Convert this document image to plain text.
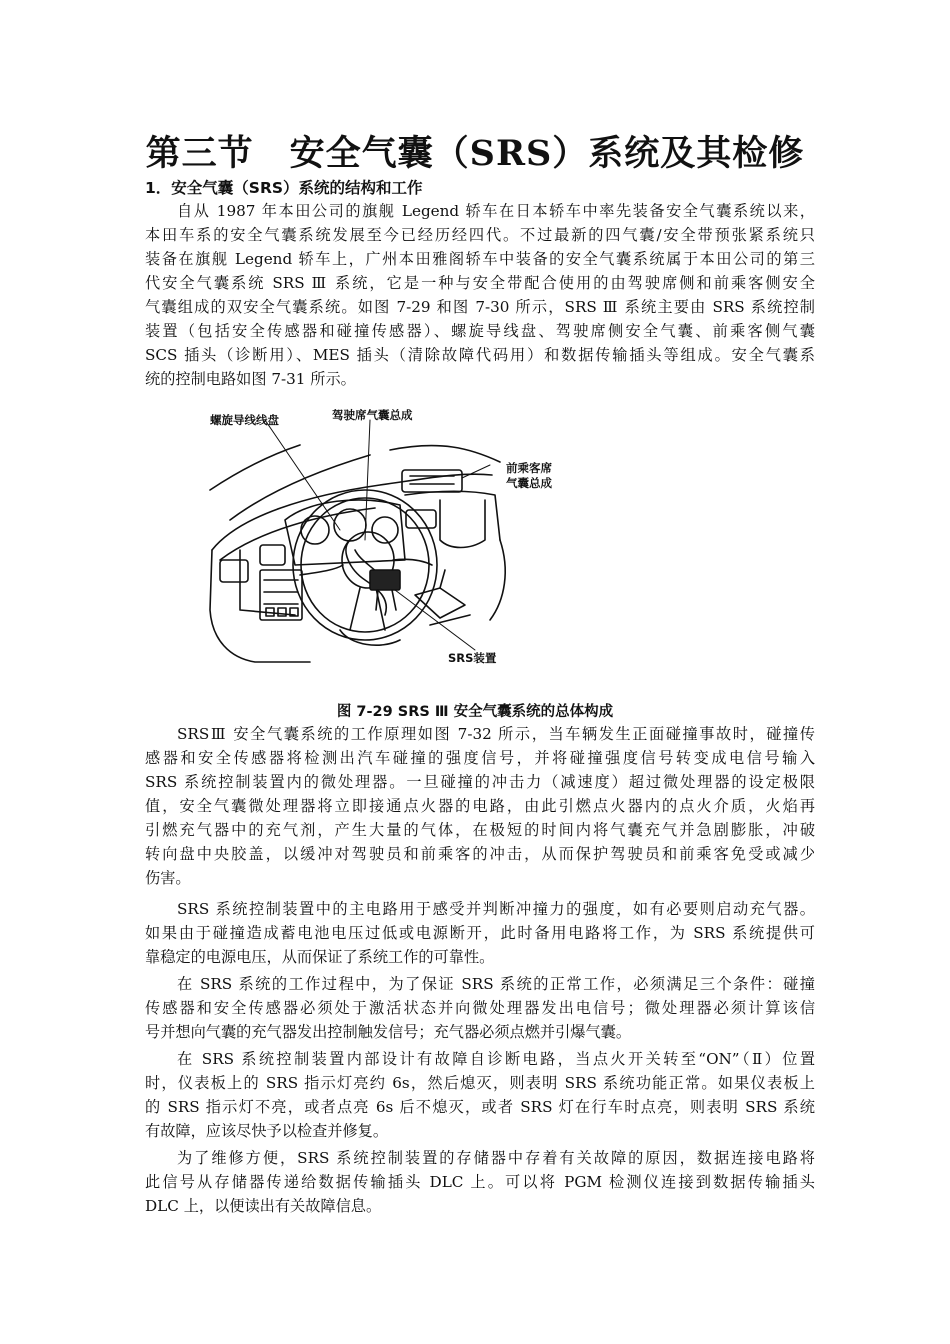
第三节　安全气囊（SRS）系统及其检修
1．安全气囊（SRS）系统的结构和工作
自从 1987 年本田公司的旗舰 Legend 轿车在日本轿车中率先装备安全气囊系统以来，
本田车系的安全气囊系统发展至今已经历经四代。不过最新的四气囊/安全带预张紧系统只
装备在旗舰 Legend 轿车上，广州本田雅阁轿车中装备的安全气囊系统属于本田公司的第三
代安全气囊系统 SRS Ⅲ 系统，它是一种与安全带配合使用的由驾驶席侧和前乘客侧安全
气囊组成的双安全气囊系统。如图 7-29 和图 7-30 所示，SRS Ⅲ 系统主要由 SRS 系统控制
装置（包括安全传感器和碰撞传感器）、螺旋导线盘、驾驶席侧安全气囊、前乘客侧气囊
SCS 插头（诊断用）、MES 插头（清除故障代码用）和数据传输插头等组成。安全气囊系
统的控制电路如图 7-31 所示。
螺旋导线线盘	驾驶席气囊总成
前乘客席
气囊总成
SRS装置
图 7-29 SRS Ⅲ 安全气囊系统的总体构成
SRSⅢ 安全气囊系统的工作原理如图 7-32 所示，当车辆发生正面碰撞事故时，碰撞传
感器和安全传感器将检测出汽车碰撞的强度信号，并将碰撞强度信号转变成电信号输入
SRS 系统控制装置内的微处理器。一旦碰撞的冲击力（减速度）超过微处理器的设定极限
值，安全气囊微处理器将立即接通点火器的电路，由此引燃点火器内的点火介质，火焰再
引燃充气器中的充气剂，产生大量的气体，在极短的时间内将气囊充气并急剧膨胀，冲破
转向盘中央胶盖，以缓冲对驾驶员和前乘客的冲击，从而保护驾驶员和前乘客免受或减少
伤害。
SRS 系统控制装置中的主电路用于感受并判断冲撞力的强度，如有必要则启动充气器。
如果由于碰撞造成蓄电池电压过低或电源断开，此时备用电路将工作，为 SRS 系统提供可
靠稳定的电源电压，从而保证了系统工作的可靠性。
在 SRS 系统的工作过程中，为了保证 SRS 系统的正常工作，必须满足三个条件：碰撞
传感器和安全传感器必须处于激活状态并向微处理器发出电信号；微处理器必须计算该信
号并想向气囊的充气器发出控制触发信号；充气器必须点燃并引爆气囊。
在 SRS 系统控制装置内部设计有故障自诊断电路，当点火开关转至“ON”（Ⅱ）位置
时，仪表板上的 SRS 指示灯亮约 6s，然后熄灭，则表明 SRS 系统功能正常。如果仪表板上
的 SRS 指示灯不亮，或者点亮 6s 后不熄灭，或者 SRS 灯在行车时点亮，则表明 SRS 系统
有故障，应该尽快予以检查并修复。
为了维修方便，SRS 系统控制装置的存储器中存着有关故障的原因，数据连接电路将
此信号从存储器传递给数据传输插头 DLC 上。可以将 PGM 检测仪连接到数据传输插头
DLC 上，以便读出有关故障信息。
